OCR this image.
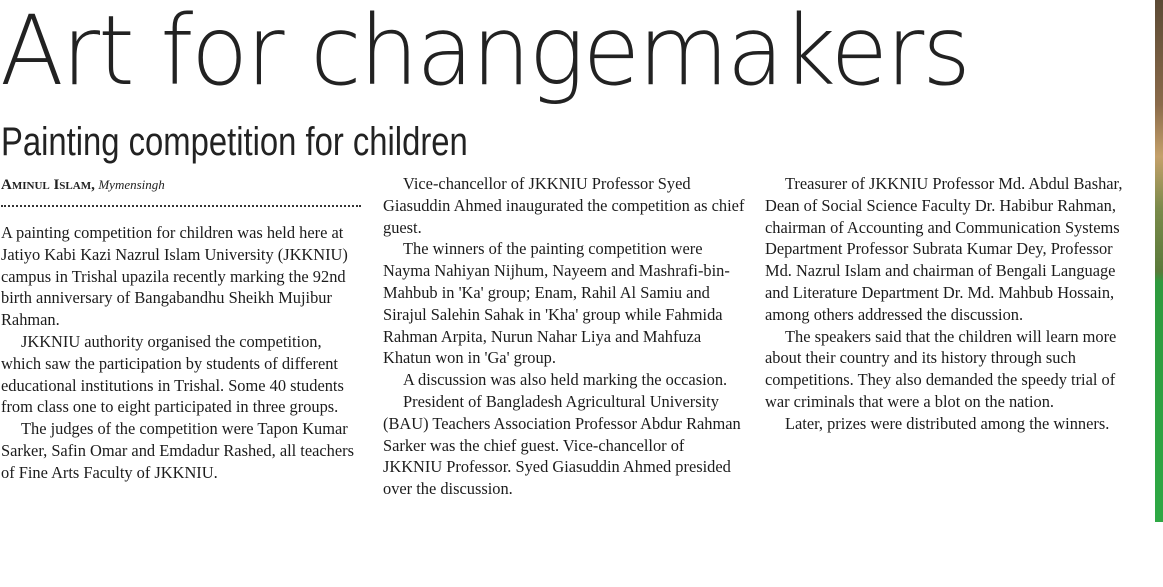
Art for changemakers
Painting competition for children
Aminul Islam, Mymensingh

A painting competition for children was held here at Jatiyo Kabi Kazi Nazrul Islam University (JKKNIU) campus in Trishal upazila recently marking the 92nd birth anniversary of Bangabandhu Sheikh Mujibur Rahman.

JKKNIU authority organised the competition, which saw the participation by students of different educational institutions in Trishal. Some 40 students from class one to eight participated in three groups.

The judges of the competition were Tapon Kumar Sarker, Safin Omar and Emdadur Rashed, all teachers of Fine Arts Faculty of JKKNIU.

Vice-chancellor of JKKNIU Professor Syed Giasuddin Ahmed inaugurated the competition as chief guest.

The winners of the painting competition were Nayma Nahiyan Nijhum, Nayeem and Mashrafi-bin-Mahbub in 'Ka' group; Enam, Rahil Al Samiu and Sirajul Salehin Sahak in 'Kha' group while Fahmida Rahman Arpita, Nurun Nahar Liya and Mahfuza Khatun won in 'Ga' group.

A discussion was also held marking the occasion.

President of Bangladesh Agricultural University (BAU) Teachers Association Professor Abdur Rahman Sarker was the chief guest. Vice-chancellor of JKKNIU Professor. Syed Giasuddin Ahmed presided over the discussion.

Treasurer of JKKNIU Professor Md. Abdul Bashar, Dean of Social Science Faculty Dr. Habibur Rahman, chairman of Accounting and Communication Systems Department Professor Subrata Kumar Dey, Professor Md. Nazrul Islam and chairman of Bengali Language and Literature Department Dr. Md. Mahbub Hossain, among others addressed the discussion.

The speakers said that the children will learn more about their country and its history through such competitions. They also demanded the speedy trial of war criminals that were a blot on the nation.

Later, prizes were distributed among the winners.
